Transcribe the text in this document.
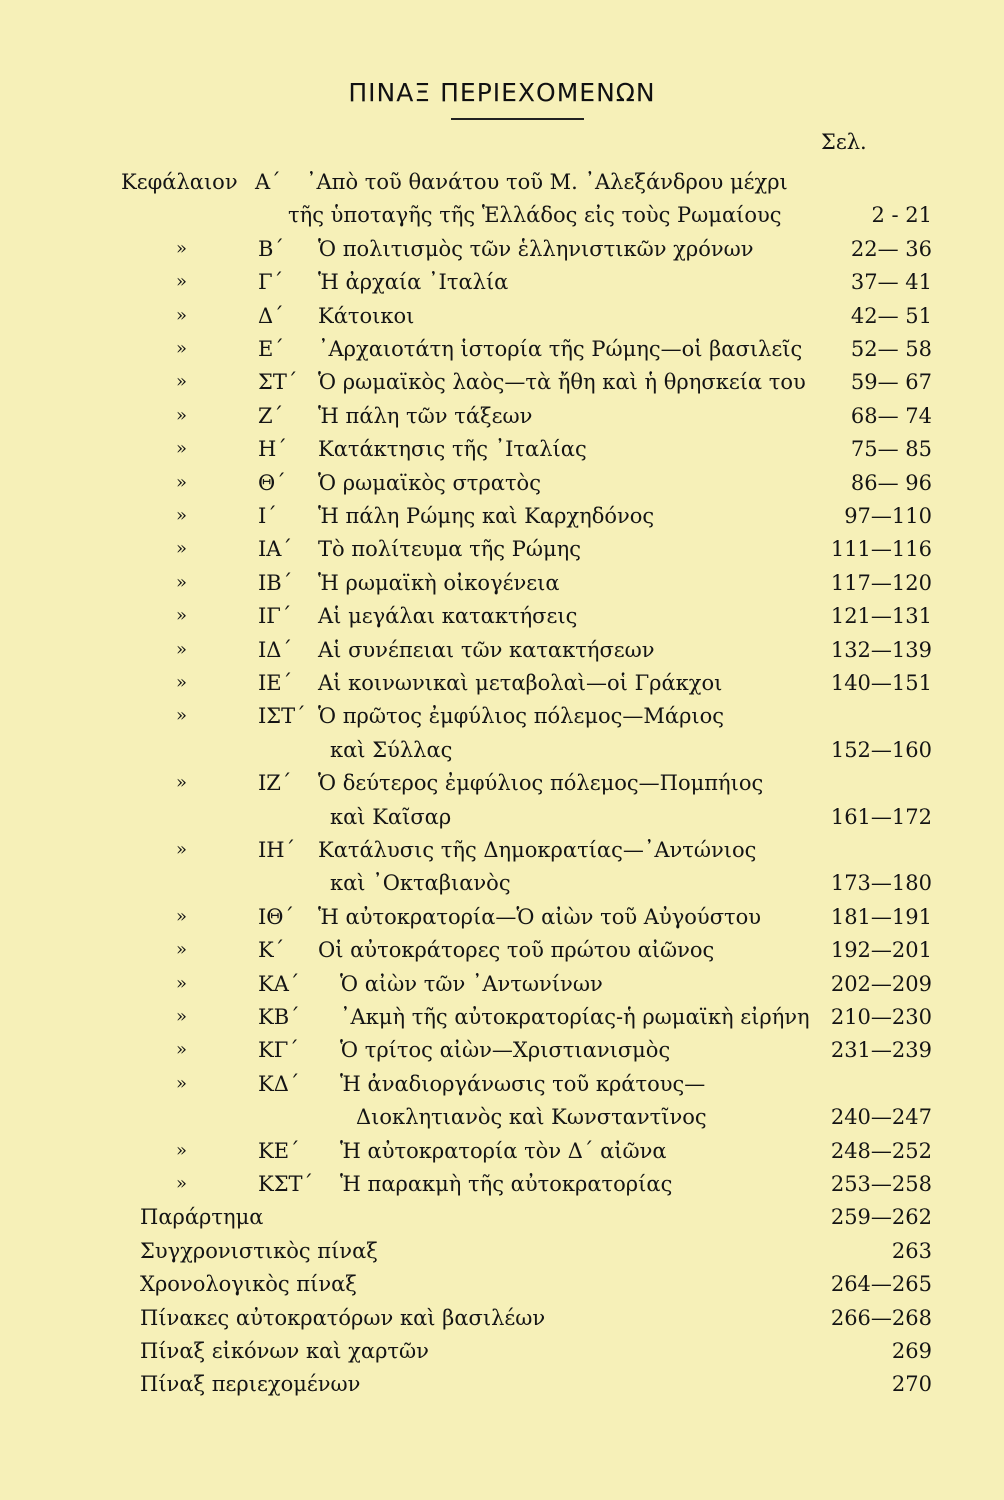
ΠΙΝΑΞ ΠΕΡΙΕΧΟΜΕΝΩΝ
Σελ.
Κεφάλαιον Α΄ ᾿Απὸ τοῦ θανάτου τοῦ Μ. ᾿Αλεξάνδρου μέχρι
τῆς ὑποταγῆς τῆς Ἑλλάδος εἰς τοὺς Ρωμαίους	2 - 21
»	Β΄ Ὁ πολιτισμὸς τῶν ἑλληνιστικῶν χρόνων	22— 36
»	Γ΄ Ἡ ἀρχαία ᾿Ιταλία	37— 41
»	Δ΄ Κάτοικοι	42— 51
»	Ε΄ ᾿Αρχαιοτάτη ἱστορία τῆς Ρώμης—οἱ βασιλεῖς 52— 58
»	ΣΤ΄ Ὁ ρωμαϊκὸς λαὸς—τὰ ἤθη καὶ ἡ θρησκεία του 59— 67
»	Ζ΄ Ἡ πάλη τῶν τάξεων	68— 74
»	Η΄ Κατάκτησις τῆς ᾿Ιταλίας	75— 85
»	Θ΄ Ὁ ρωμαϊκὸς στρατὸς	86— 96
»	Ι΄ Ἡ πάλη Ρώμης καὶ Καρχηδόνος	97—110
»	ΙΑ΄ Τὸ πολίτευμα τῆς Ρώμης	111—116
»	ΙΒ΄ Ἡ ρωμαϊκὴ οἰκογένεια	117—120
»	ΙΓ΄ Αἱ μεγάλαι κατακτήσεις	121—131
»	ΙΔ΄ Αἱ συνέπειαι τῶν κατακτήσεων	132—139
»	ΙΕ΄ Αἱ κοινωνικαὶ μεταβολαὶ—οἱ Γράκχοι	140—151
»	ΙΣΤ΄ Ὁ πρῶτος ἐμφύλιος πόλεμος—Μάριος
καὶ Σύλλας	152—160
»	ΙΖ΄ Ὁ δεύτερος ἐμφύλιος πόλεμος—Πομπήιος
καὶ Καῖσαρ	161—172
»	ΙΗ΄ Κατάλυσις τῆς Δημοκρατίας—᾿Αντώνιος
καὶ ᾿Οκταβιανὸς	173—180
»	ΙΘ΄ Ἡ αὐτοκρατορία—Ὁ αἰὼν τοῦ Αὐγούστου	181—191
»	Κ΄ Οἱ αὐτοκράτορες τοῦ πρώτου αἰῶνος	192—201
»	ΚΑ΄ Ὁ αἰὼν τῶν ᾿Αντωνίνων	202—209
»	ΚΒ΄ ᾿Ακμὴ τῆς αὐτοκρατορίας-ἡ ρωμαϊκὴ εἰρήνη 210—230
»	ΚΓ΄ Ὁ τρίτος αἰὼν—Χριστιανισμὸς	231—239
»	ΚΔ΄ Ἡ ἀναδιοργάνωσις τοῦ κράτους—
Διοκλητιανὸς καὶ Κωνσταντῖνος	240—247
»	ΚΕ΄ Ἡ αὐτοκρατορία τὸν Δ΄ αἰῶνα	248—252
»	ΚΣΤ΄ Ἡ παρακμὴ τῆς αὐτοκρατορίας	253—258
Παράρτημα	259—262
Συγχρονιστικὸς πίναξ	263
Χρονολογικὸς πίναξ	264—265
Πίνακες αὐτοκρατόρων καὶ βασιλέων	266—268
Πίναξ εἰκόνων καὶ χαρτῶν	269
Πίναξ περιεχομένων	270
